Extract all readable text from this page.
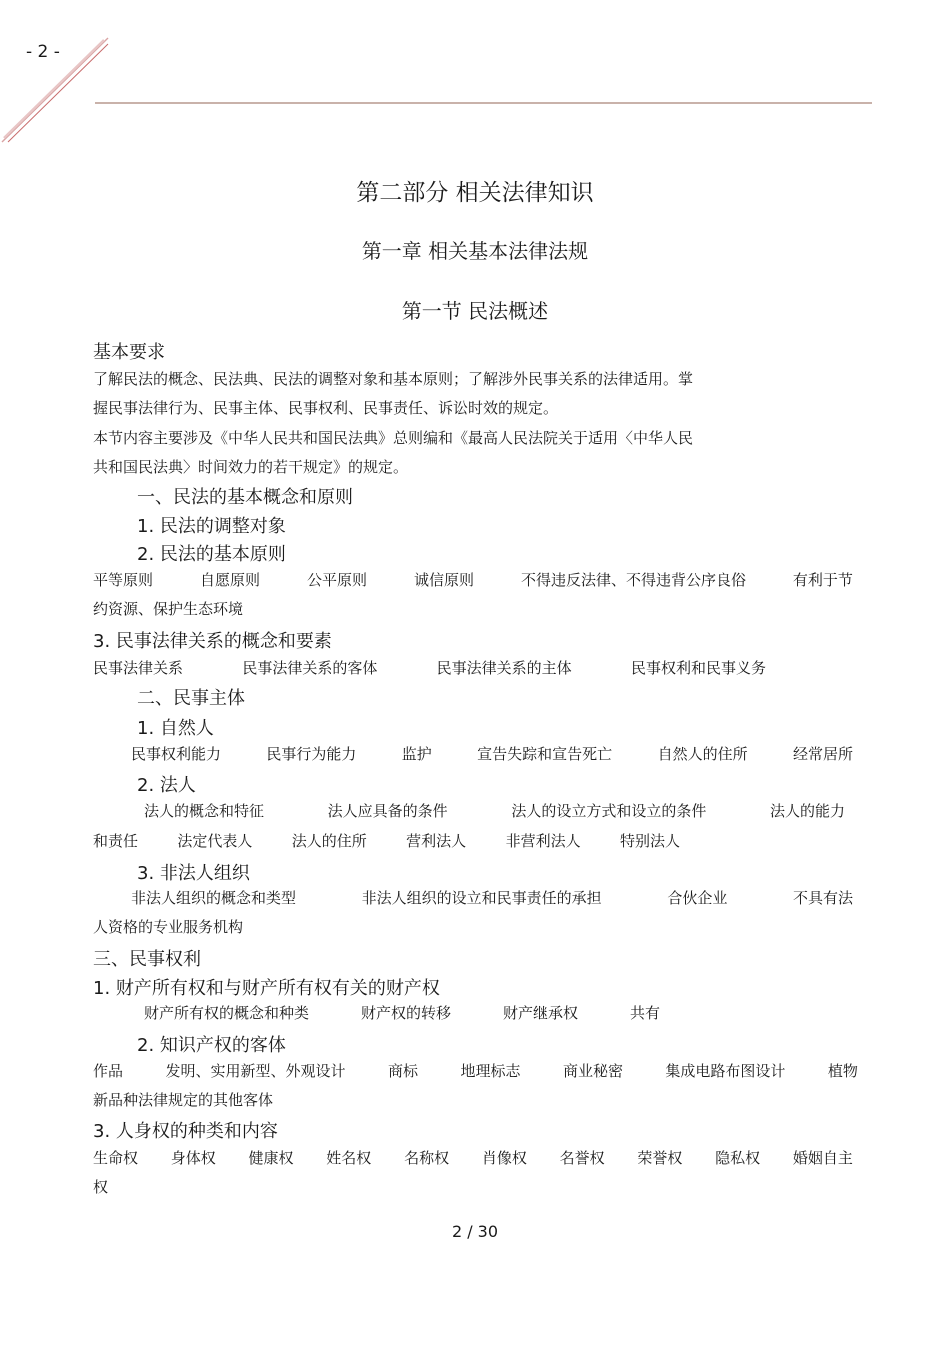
- 2 -
第二部分 相关法律知识
第一章 相关基本法律法规
第一节 民法概述
基本要求
了解民法的概念、民法典、民法的调整对象和基本原则；了解涉外民事关系的法律适用。掌
握民事法律行为、民事主体、民事权利、民事责任、诉讼时效的规定。
本节内容主要涉及《中华人民共和国民法典》总则编和《最高人民法院关于适用〈中华人民
共和国民法典〉时间效力的若干规定》的规定。
一、民法的基本概念和原则
1. 民法的调整对象
2. 民法的基本原则
平等原则	自愿原则	公平原则	诚信原则	不得违反法律、不得违背公序良俗	有利于节
约资源、保护生态环境
3. 民事法律关系的概念和要素
民事法律关系	民事法律关系的客体	民事法律关系的主体	民事权利和民事义务
二、民事主体
1. 自然人
民事权利能力	民事行为能力	监护	宣告失踪和宣告死亡	自然人的住所	经常居所
2. 法人
法人的概念和特征	法人应具备的条件	法人的设立方式和设立的条件	法人的能力
和责任	法定代表人	法人的住所	营利法人	非营利法人	特别法人
3. 非法人组织
非法人组织的概念和类型	非法人组织的设立和民事责任的承担	合伙企业	不具有法
人资格的专业服务机构
三、民事权利
1. 财产所有权和与财产所有权有关的财产权
财产所有权的概念和种类	财产权的转移	财产继承权	共有
2. 知识产权的客体
作品	发明、实用新型、外观设计	商标	地理标志	商业秘密	集成电路布图设计	植物
新品种法律规定的其他客体
3. 人身权的种类和内容
生命权 身体权 健康权 姓名权 名称权 肖像权 名誉权 荣誉权 隐私权 婚姻自主
权
2 / 30
